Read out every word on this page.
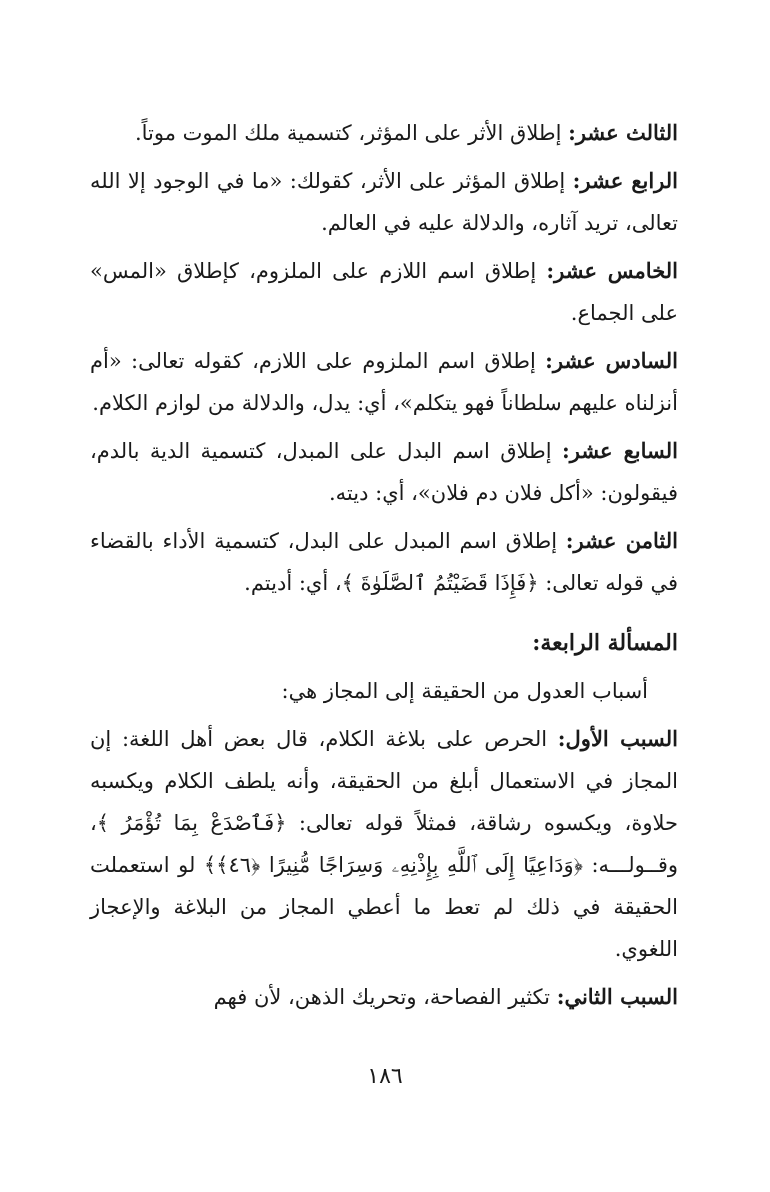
الثالث عشر: إطلاق الأثر على المؤثر، كتسمية ملك الموت موتاً.

الرابع عشر: إطلاق المؤثر على الأثر، كقولك: «ما في الوجود إلا الله تعالى، تريد آثاره، والدلالة عليه في العالم.

الخامس عشر: إطلاق اسم اللازم على الملزوم، كإطلاق «المس» على الجماع.

السادس عشر: إطلاق اسم الملزوم على اللازم، كقوله تعالى: «أم أنزلناه عليهم سلطاناً فهو يتكلم»، أي: يدل، والدلالة من لوازم الكلام.

السابع عشر: إطلاق اسم البدل على المبدل، كتسمية الدية بالدم، فيقولون: «أكل فلان دم فلان»، أي: ديته.

الثامن عشر: إطلاق اسم المبدل على البدل، كتسمية الأداء بالقضاء في قوله تعالى: ﴿فَإِذَا قَضَيْتُمُ ٱلصَّلَوٰةَ ﴾، أي: أديتم.

المسألة الرابعة:

أسباب العدول من الحقيقة إلى المجاز هي:

السبب الأول: الحرص على بلاغة الكلام، قال بعض أهل اللغة: إن المجاز في الاستعمال أبلغ من الحقيقة، وأنه يلطف الكلام ويكسبه حلاوة، ويكسوه رشاقة، فمثلاً قوله تعالى: ﴿فَٱصْدَعْ بِمَا تُؤْمَرُ ﴾، وقــولـــه: ﴿وَدَاعِيًا إِلَى ٱللَّهِ بِإِذْنِهِۦ وَسِرَاجًا مُّنِيرًا ﴿٤٦﴾﴾ لو استعملت الحقيقة في ذلك لم تعط ما أعطي المجاز من البلاغة والإعجاز اللغوي.

السبب الثاني: تكثير الفصاحة، وتحريك الذهن، لأن فهم

١٨٦
